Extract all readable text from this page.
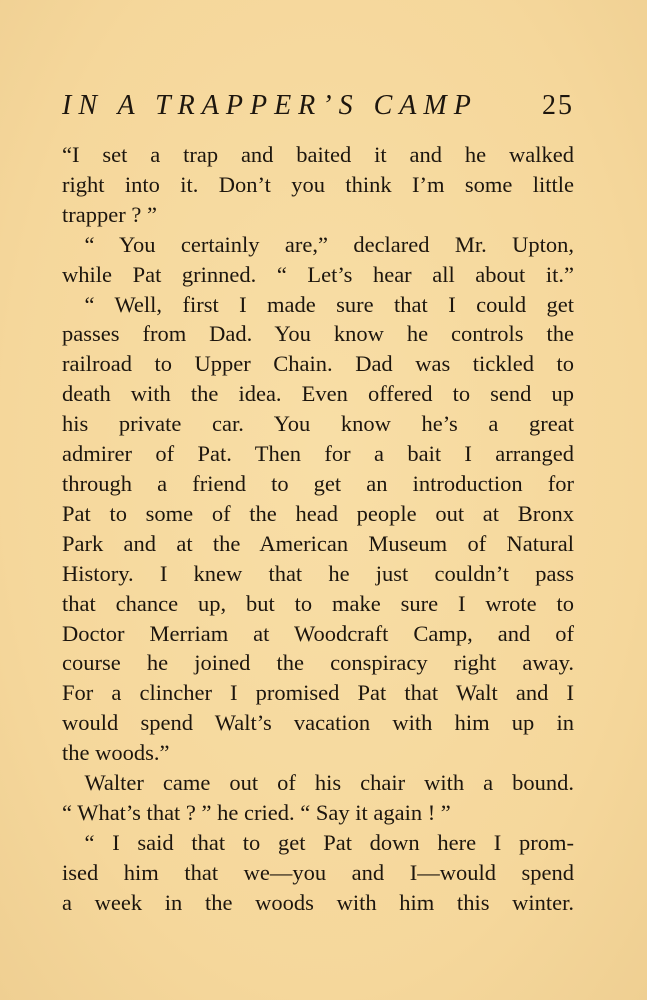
IN A TRAPPER’S CAMP 25
“I set a trap and baited it and he walked
right into it. Don’t you think I’m some little
trapper ? ”
 “ You certainly are,” declared Mr. Upton,
while Pat grinned. “ Let’s hear all about it.”
 “ Well, first I made sure that I could get
passes from Dad. You know he controls the
railroad to Upper Chain. Dad was tickled to
death with the idea. Even offered to send up
his private car. You know he’s a great
admirer of Pat. Then for a bait I arranged
through a friend to get an introduction for
Pat to some of the head people out at Bronx
Park and at the American Museum of Natural
History. I knew that he just couldn’t pass
that chance up, but to make sure I wrote to
Doctor Merriam at Woodcraft Camp, and of
course he joined the conspiracy right away.
For a clincher I promised Pat that Walt and I
would spend Walt’s vacation with him up in
the woods.”
 Walter came out of his chair with a bound.
“ What’s that ? ” he cried. “ Say it again ! ”
 “ I said that to get Pat down here I prom-
ised him that we—you and I—would spend
a week in the woods with him this winter.
